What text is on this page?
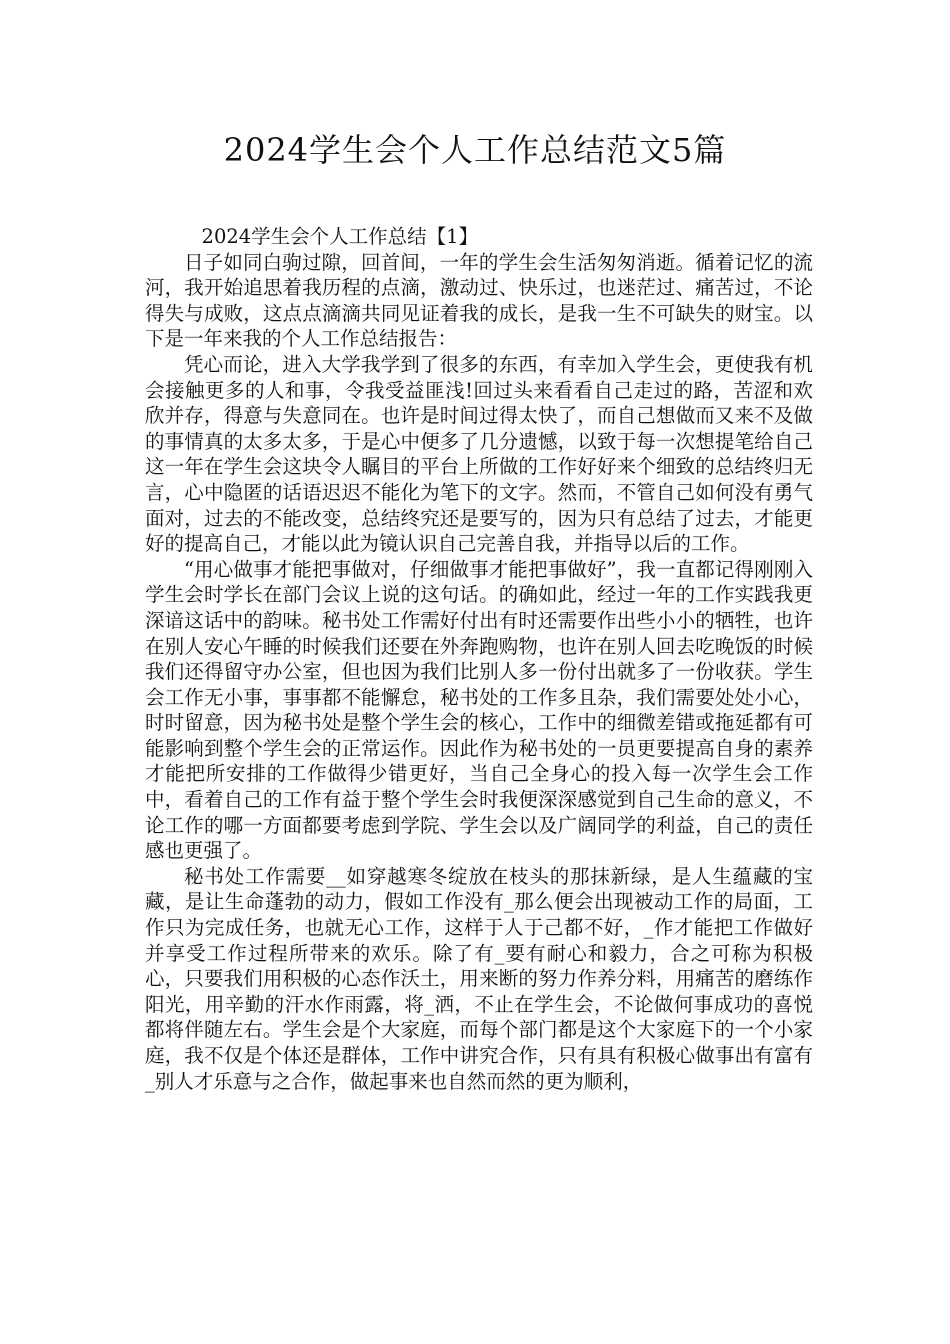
2024学生会个人工作总结范文5篇

2024学生会个人工作总结【1】

日子如同白驹过隙，回首间，一年的学生会生活匆匆消逝。循着记忆的流河，我开始追思着我历程的点滴，激动过、快乐过，也迷茫过、痛苦过，不论得失与成败，这点点滴滴共同见证着我的成长，是我一生不可缺失的财宝。以下是一年来我的个人工作总结报告：

凭心而论，进入大学我学到了很多的东西，有幸加入学生会，更使我有机会接触更多的人和事，令我受益匪浅!回过头来看看自己走过的路，苦涩和欢欣并存，得意与失意同在。也许是时间过得太快了，而自己想做而又来不及做的事情真的太多太多，于是心中便多了几分遗憾，以致于每一次想提笔给自己这一年在学生会这块令人瞩目的平台上所做的工作好好来个细致的总结终归无言，心中隐匿的话语迟迟不能化为笔下的文字。然而，不管自己如何没有勇气面对，过去的不能改变，总结终究还是要写的，因为只有总结了过去，才能更好的提高自己，才能以此为镜认识自己完善自我，并指导以后的工作。

“用心做事才能把事做对，仔细做事才能把事做好”，我一直都记得刚刚入学生会时学长在部门会议上说的这句话。的确如此，经过一年的工作实践我更深谙这话中的韵味。秘书处工作需好付出有时还需要作出些小小的牺牲，也许在别人安心午睡的时候我们还要在外奔跑购物，也许在别人回去吃晚饭的时候我们还得留守办公室，但也因为我们比别人多一份付出就多了一份收获。学生会工作无小事，事事都不能懈怠，秘书处的工作多且杂，我们需要处处小心，时时留意，因为秘书处是整个学生会的核心，工作中的细微差错或拖延都有可能影响到整个学生会的正常运作。因此作为秘书处的一员更要提高自身的素养才能把所安排的工作做得少错更好，当自己全身心的投入每一次学生会工作中，看着自己的工作有益于整个学生会时我便深深感觉到自己生命的意义，不论工作的哪一方面都要考虑到学院、学生会以及广阔同学的利益，自己的责任感也更强了。

秘书处工作需要__如穿越寒冬绽放在枝头的那抹新绿，是人生蕴藏的宝藏，是让生命蓬勃的动力，假如工作没有_那么便会出现被动工作的局面，工作只为完成任务，也就无心工作，这样于人于己都不好，_作才能把工作做好并享受工作过程所带来的欢乐。除了有_要有耐心和毅力，合之可称为积极心，只要我们用积极的心态作沃土，用来断的努力作养分料，用痛苦的磨练作阳光，用辛勤的汗水作雨露，将_洒，不止在学生会，不论做何事成功的喜悦都将伴随左右。学生会是个大家庭，而每个部门都是这个大家庭下的一个小家庭，我不仅是个体还是群体，工作中讲究合作，只有具有积极心做事出有富有_别人才乐意与之合作，做起事来也自然而然的更为顺利，
